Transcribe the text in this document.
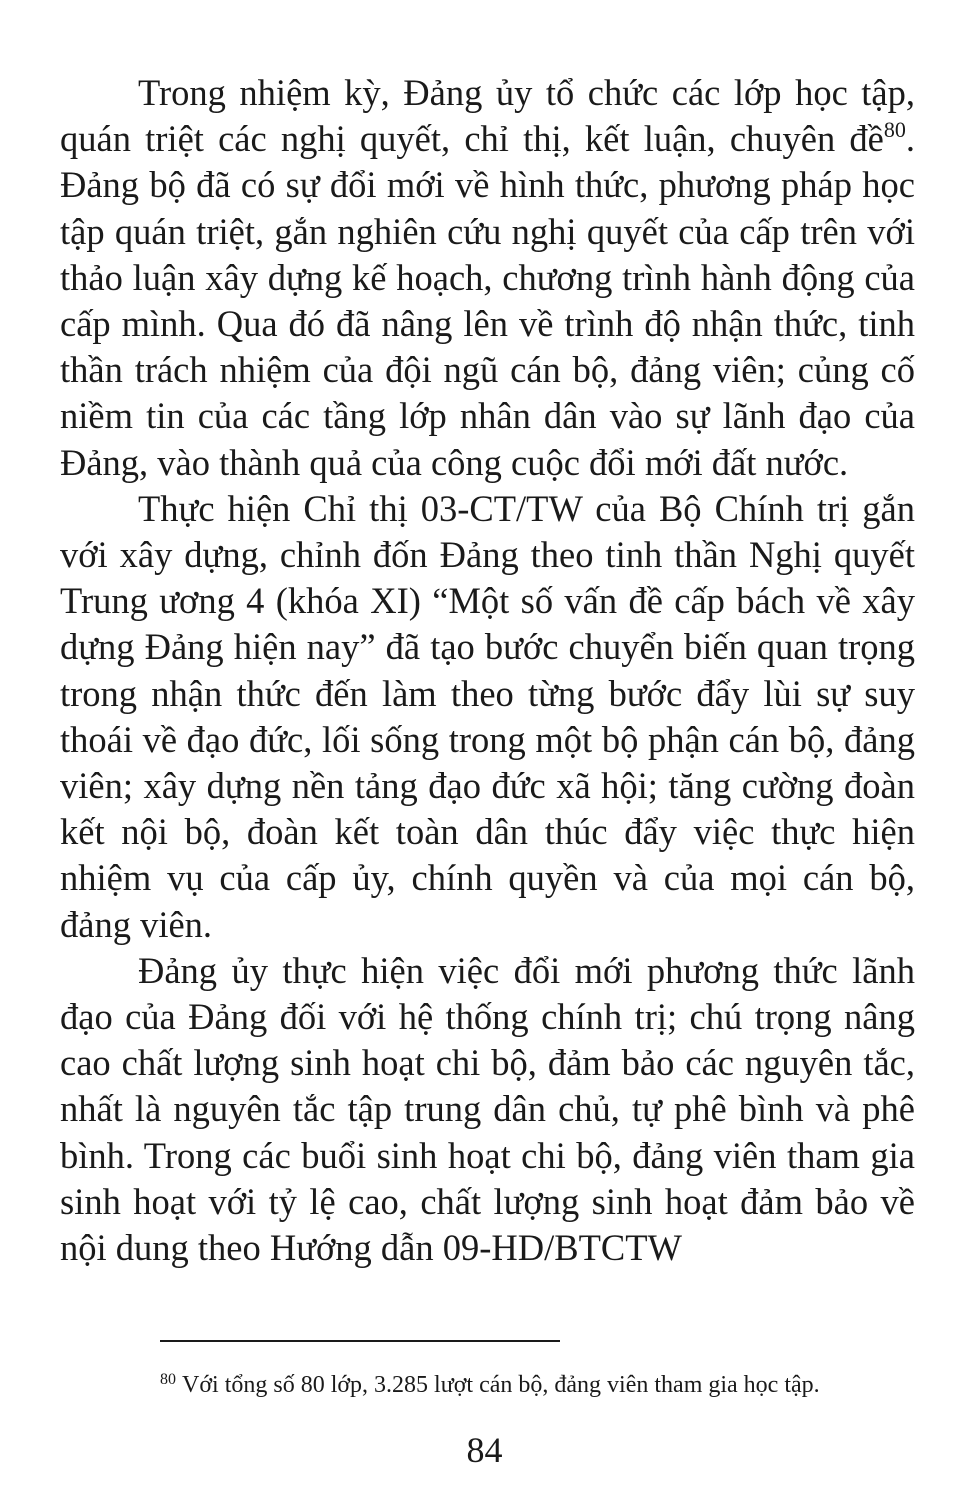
Trong nhiệm kỳ, Đảng ủy tổ chức các lớp học tập, quán triệt các nghị quyết, chỉ thị, kết luận, chuyên đề$^{80}$. Đảng bộ đã có sự đổi mới về hình thức, phương pháp học tập quán triệt, gắn nghiên cứu nghị quyết của cấp trên với thảo luận xây dựng kế hoạch, chương trình hành động của cấp mình. Qua đó đã nâng lên về trình độ nhận thức, tinh thần trách nhiệm của đội ngũ cán bộ, đảng viên; củng cố niềm tin của các tầng lớp nhân dân vào sự lãnh đạo của Đảng, vào thành quả của công cuộc đổi mới đất nước.

Thực hiện Chỉ thị 03-CT/TW của Bộ Chính trị gắn với xây dựng, chỉnh đốn Đảng theo tinh thần Nghị quyết Trung ương 4 (khóa XI) “Một số vấn đề cấp bách về xây dựng Đảng hiện nay” đã tạo bước chuyển biến quan trọng trong nhận thức đến làm theo từng bước đẩy lùi sự suy thoái về đạo đức, lối sống trong một bộ phận cán bộ, đảng viên; xây dựng nền tảng đạo đức xã hội; tăng cường đoàn kết nội bộ, đoàn kết toàn dân thúc đẩy việc thực hiện nhiệm vụ của cấp ủy, chính quyền và của mọi cán bộ, đảng viên.

Đảng ủy thực hiện việc đổi mới phương thức lãnh đạo của Đảng đối với hệ thống chính trị; chú trọng nâng cao chất lượng sinh hoạt chi bộ, đảm bảo các nguyên tắc, nhất là nguyên tắc tập trung dân chủ, tự phê bình và phê bình. Trong các buổi sinh hoạt chi bộ, đảng viên tham gia sinh hoạt với tỷ lệ cao, chất lượng sinh hoạt đảm bảo về nội dung theo Hướng dẫn 09-HD/BTCTW

$^{80}$ Với tổng số 80 lớp, 3.285 lượt cán bộ, đảng viên tham gia học tập.
84
